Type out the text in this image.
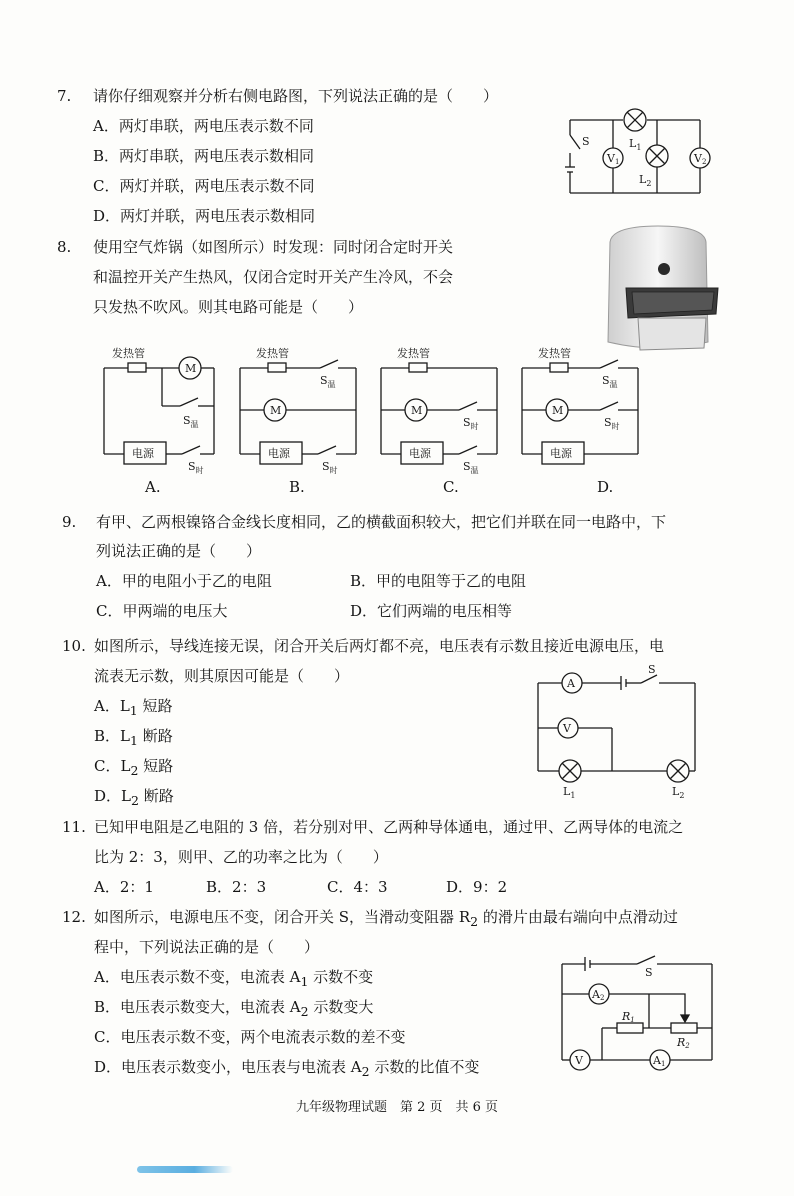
7. 请你仔细观察并分析右侧电路图，下列说法正确的是（　　）
A．两灯串联，两电压表示数不同
B．两灯串联，两电压表示数相同
C．两灯并联，两电压表示数不同
D．两灯并联，两电压表示数相同
S	$L_1$
$L_2$
V1	V2
8. 使用空气炸锅（如图所示）时发现：同时闭合定时开关
和温控开关产生热风，仅闭合定时开关产生冷风，不会
只发热不吹风。则其电路可能是（　　）
发热管
M
$S_温$
电源
$S_时$
发热管
$S_温$
M
电源
$S_时$
发热管
M
$S_时$
电源
$S_温$
发热管
$S_温$
M
$S_时$
电源
A.	B.	C.	D.
9. 有甲、乙两根镍铬合金线长度相同，乙的横截面积较大，把它们并联在同一电路中，下
列说法正确的是（　　）
A．甲的电阻小于乙的电阻	B．甲的电阻等于乙的电阻
C．甲两端的电压大	D．它们两端的电压相等
10. 如图所示，导线连接无误，闭合开关后两灯都不亮，电压表有示数且接近电源电压，电
流表无示数，则其原因可能是（　　）
A．$L_1$ 短路
B．$L_1$ 断路
C．$L_2$ 短路
D．$L_2$ 断路
A
S
V
$L_1$	$L_2$
11. 已知甲电阻是乙电阻的 3 倍，若分别对甲、乙两种导体通电，通过甲、乙两导体的电流之
比为 2：3，则甲、乙的功率之比为（　　）
A．2：1	B．2：3	C．4：3	D．9：2
12. 如图所示，电源电压不变，闭合开关 S，当滑动变阻器 $R_2$ 的滑片由最右端向中点滑动过
程中，下列说法正确的是（　　）
A．电压表示数不变，电流表 $A_1$ 示数不变
B．电压表示数变大，电流表 $A_2$ 示数变大
C．电压表示数不变，两个电流表示数的差不变
D．电压表示数变小，电压表与电流表 $A_2$ 示数的比值不变
S
A2
R1
R2
V	A1
九年级物理试题　第 2 页　共 6 页
